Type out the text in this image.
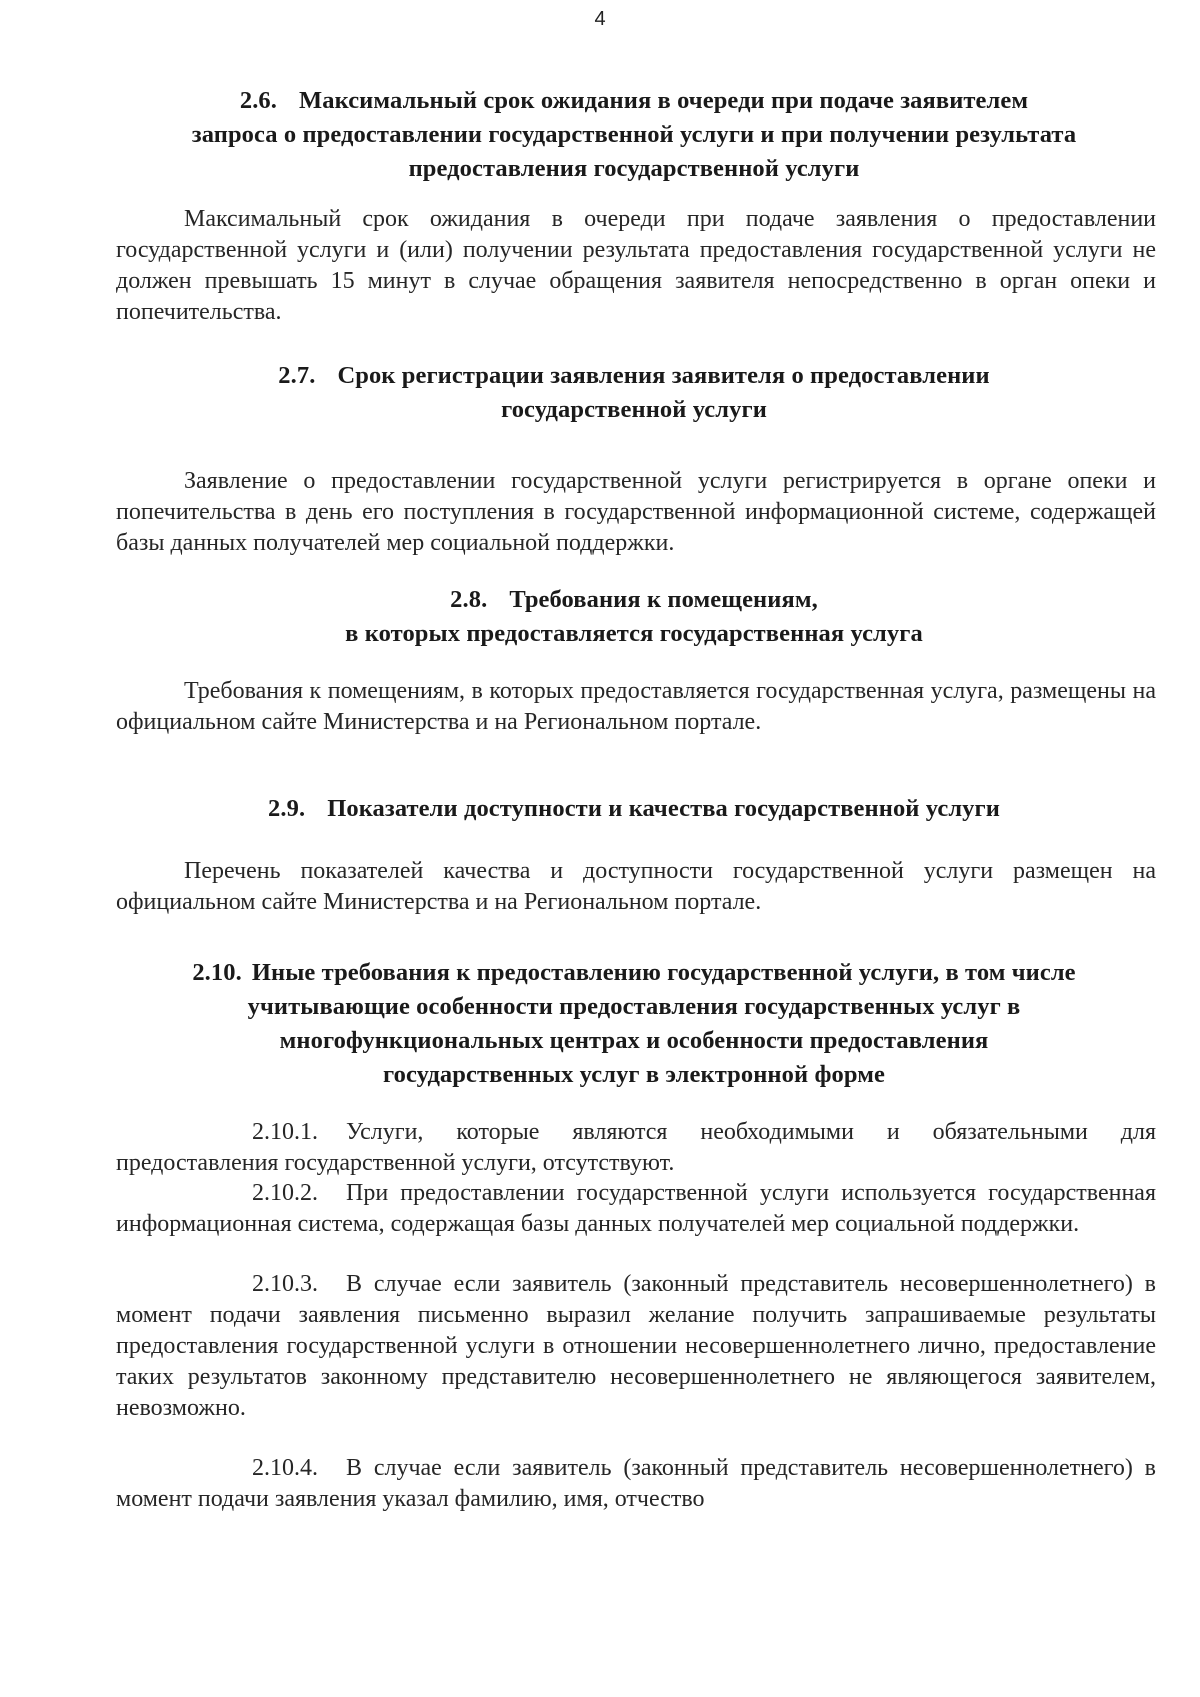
4
2.6. Максимальный срок ожидания в очереди при подаче заявителем
запроса о предоставлении государственной услуги и при получении результата предоставления государственной услуги
Максимальный срок ожидания в очереди при подаче заявления о предоставлении государственной услуги и (или) получении результата предоставления государственной услуги не должен превышать 15 минут в случае обращения заявителя непосредственно в орган опеки и попечительства.
2.7. Срок регистрации заявления заявителя о предоставлении
государственной услуги
Заявление о предоставлении государственной услуги регистрируется в органе опеки и попечительства в день его поступления в государственной информационной системе, содержащей базы данных получателей мер социальной поддержки.
2.8. Требования к помещениям,
в которых предоставляется государственная услуга
Требования к помещениям, в которых предоставляется государственная услуга, размещены на официальном сайте Министерства и на Региональном портале.
2.9. Показатели доступности и качества государственной услуги
Перечень показателей качества и доступности государственной услуги размещен на официальном сайте Министерства и на Региональном портале.
2.10. Иные требования к предоставлению государственной услуги, в том числе
учитывающие особенности предоставления государственных услуг в многофункциональных центрах и особенности предоставления государственных услуг в электронной форме
2.10.1. Услуги, которые являются необходимыми и обязательными для предоставления государственной услуги, отсутствуют.
2.10.2. При предоставлении государственной услуги используется государственная информационная система, содержащая базы данных получателей мер социальной поддержки.
2.10.3. В случае если заявитель (законный представитель несовершеннолетнего) в момент подачи заявления письменно выразил желание получить запрашиваемые результаты предоставления государственной услуги в отношении несовершеннолетнего лично, предоставление таких результатов законному представителю несовершеннолетнего не являющегося заявителем, невозможно.
2.10.4. В случае если заявитель (законный представитель несовершеннолетнего) в момент подачи заявления указал фамилию, имя, отчество
